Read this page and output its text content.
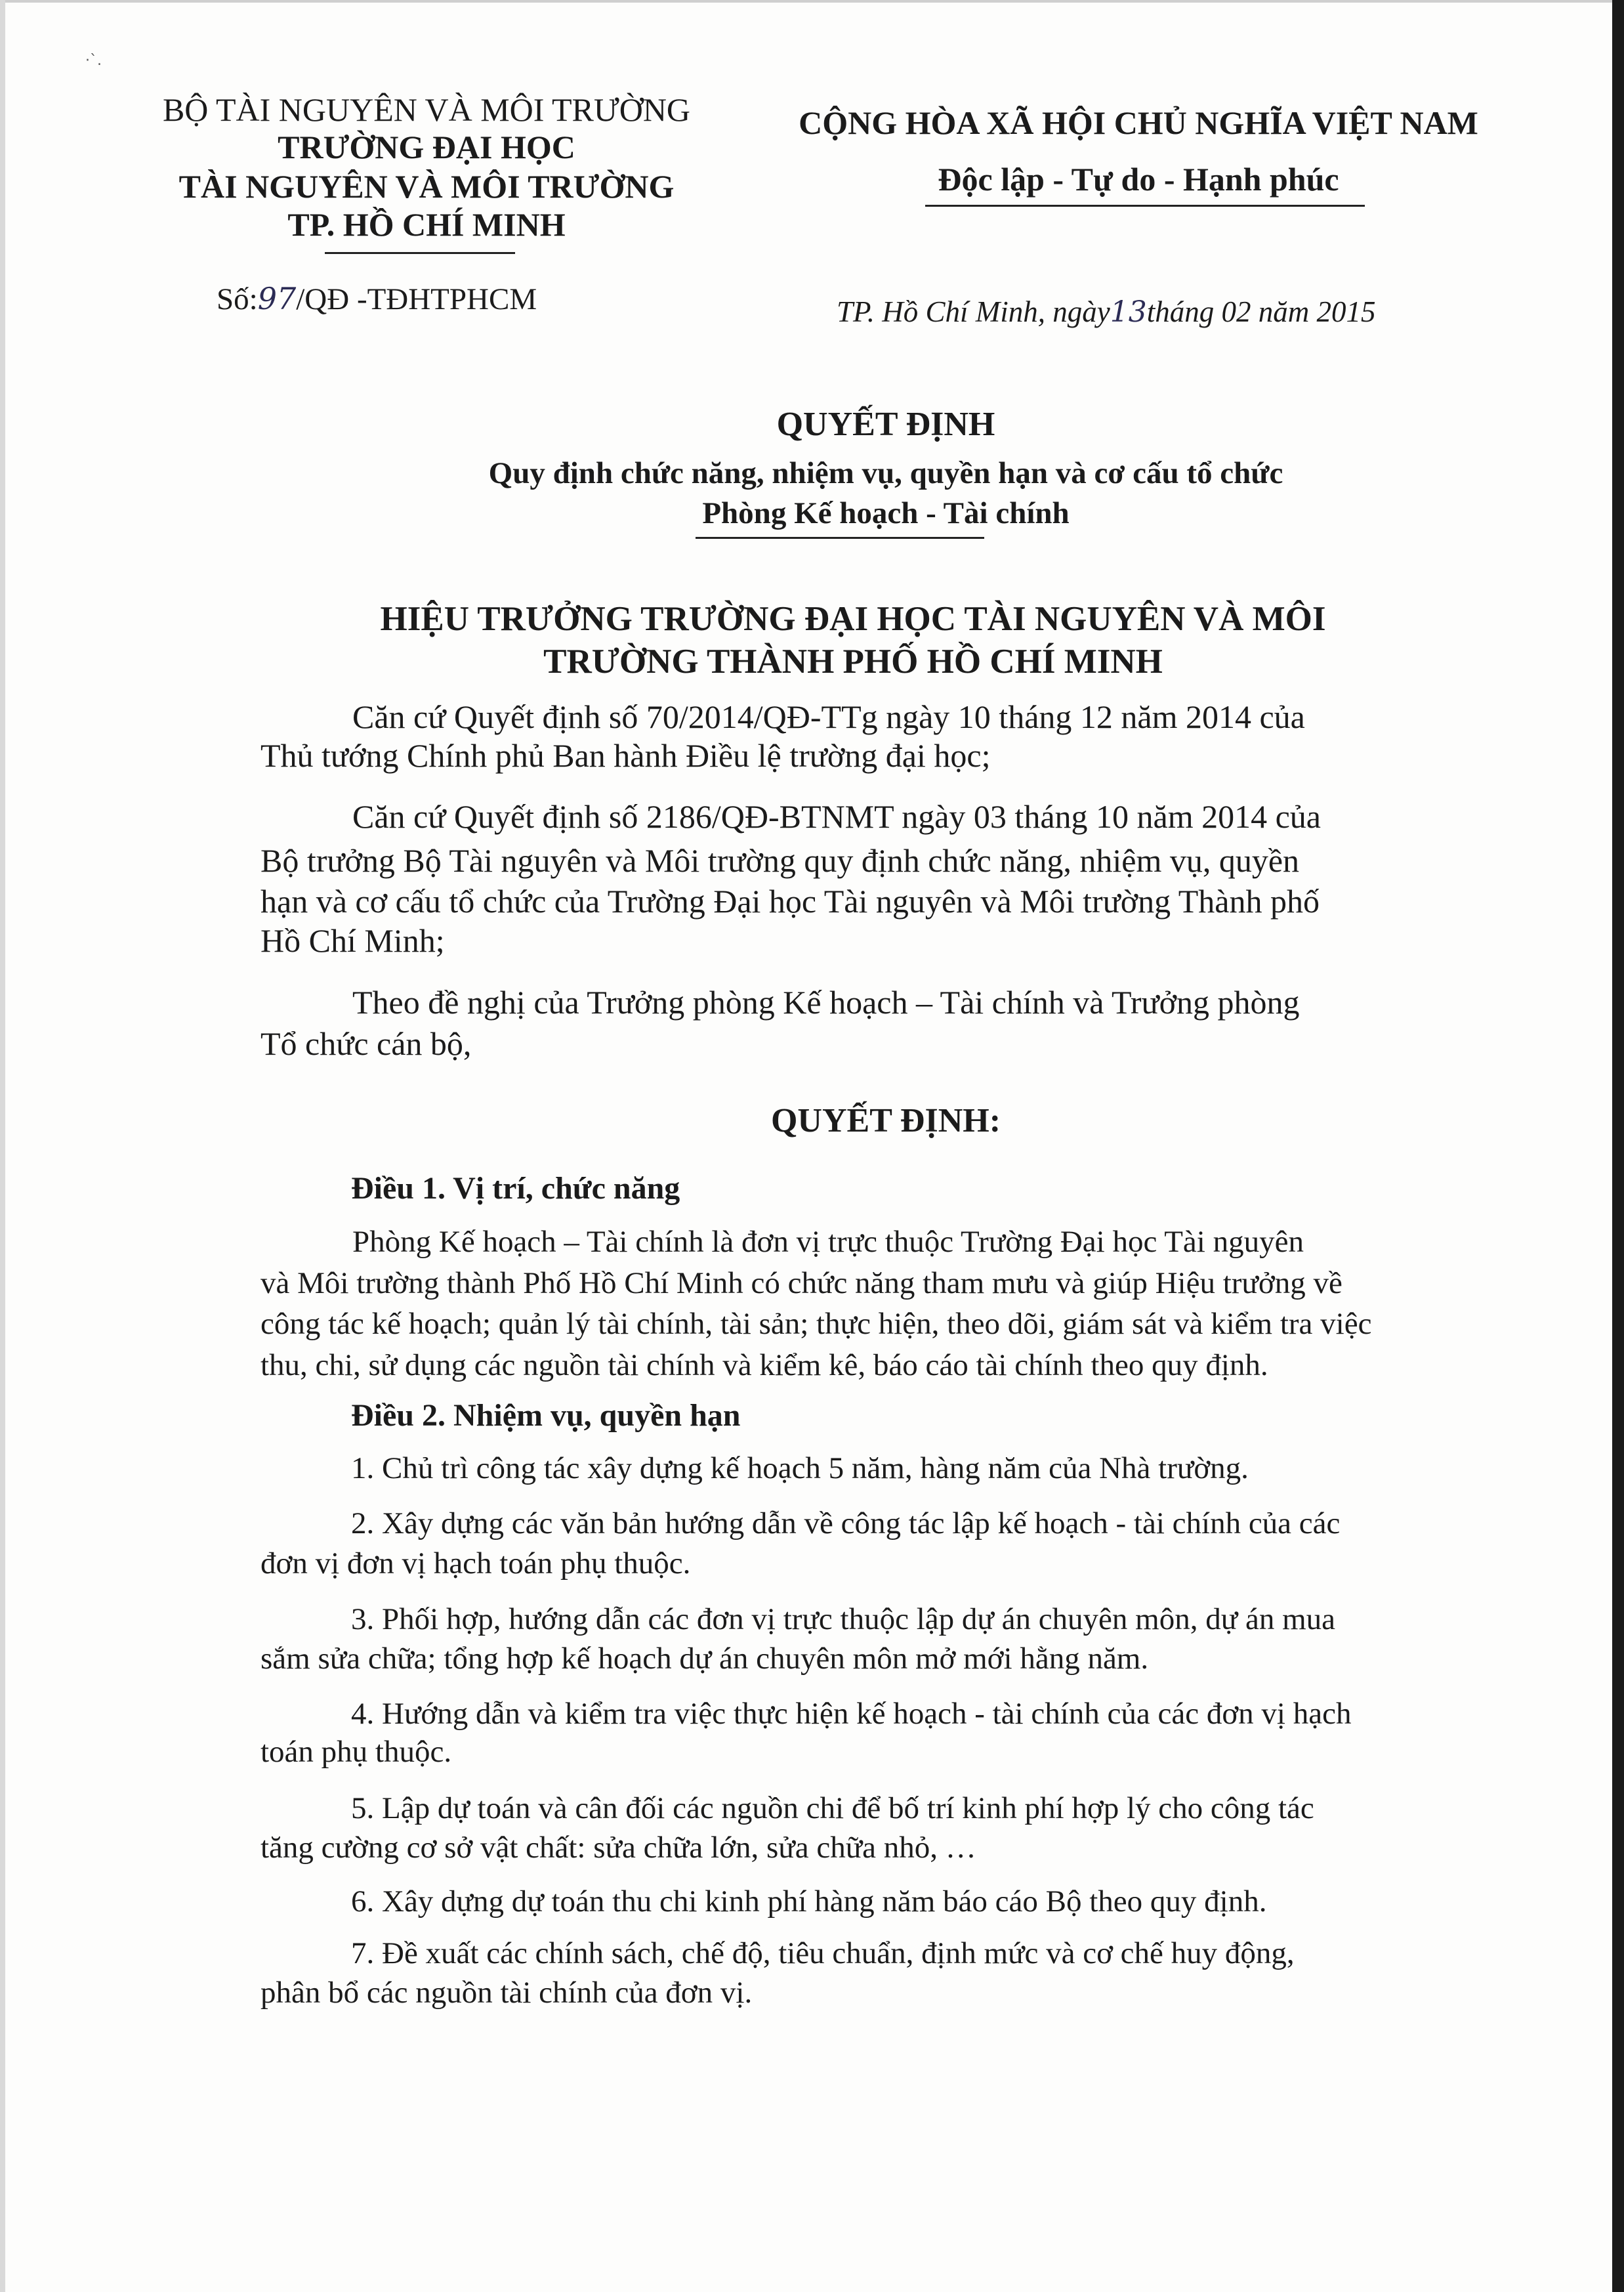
·ˋ.
BỘ TÀI NGUYÊN VÀ MÔI TRƯỜNG
TRƯỜNG ĐẠI HỌC
TÀI NGUYÊN VÀ MÔI TRƯỜNG
TP. HỒ CHÍ MINH
Số:97/QĐ -TĐHTPHCM
CỘNG HÒA XÃ HỘI CHỦ NGHĨA VIỆT NAM
Độc lập - Tự do - Hạnh phúc
TP. Hồ Chí Minh, ngày13tháng 02 năm 2015
QUYẾT ĐỊNH
Quy định chức năng, nhiệm vụ, quyền hạn và cơ cấu tổ chức
Phòng Kế hoạch - Tài chính
HIỆU TRƯỞNG TRƯỜNG ĐẠI HỌC TÀI NGUYÊN VÀ MÔI
TRƯỜNG THÀNH PHỐ HỒ CHÍ MINH
Căn cứ Quyết định số 70/2014/QĐ-TTg ngày 10 tháng 12 năm 2014 của
Thủ tướng Chính phủ Ban hành Điều lệ trường đại học;
Căn cứ Quyết định số 2186/QĐ-BTNMT ngày 03 tháng 10 năm 2014 của
Bộ trưởng Bộ Tài nguyên và Môi trường quy định chức năng, nhiệm vụ, quyền
hạn và cơ cấu tổ chức của Trường Đại học Tài nguyên và Môi trường Thành phố
Hồ Chí Minh;
Theo đề nghị của Trưởng phòng Kế hoạch – Tài chính và Trưởng phòng
Tổ chức cán bộ,
QUYẾT ĐỊNH:
Điều 1. Vị trí, chức năng
Phòng Kế hoạch – Tài chính là đơn vị trực thuộc Trường Đại học Tài nguyên
và Môi trường thành Phố Hồ Chí Minh có chức năng tham mưu và giúp Hiệu trưởng về
công tác kế hoạch; quản lý tài chính, tài sản; thực hiện, theo dõi, giám sát và kiểm tra việc
thu, chi, sử dụng các nguồn tài chính và kiểm kê, báo cáo tài chính theo quy định.
Điều 2. Nhiệm vụ, quyền hạn
1. Chủ trì công tác xây dựng kế hoạch 5 năm, hàng năm của Nhà trường.
2. Xây dựng các văn bản hướng dẫn về công tác lập kế hoạch - tài chính của các
đơn vị đơn vị hạch toán phụ thuộc.
3. Phối hợp, hướng dẫn các đơn vị trực thuộc lập dự án chuyên môn, dự án mua
sắm sửa chữa; tổng hợp kế hoạch dự án chuyên môn mở mới hằng năm.
4. Hướng dẫn và kiểm tra việc thực hiện kế hoạch - tài chính của các đơn vị hạch
toán phụ thuộc.
5. Lập dự toán và cân đối các nguồn chi để bố trí kinh phí hợp lý cho công tác
tăng cường cơ sở vật chất: sửa chữa lớn, sửa chữa nhỏ, …
6. Xây dựng dự toán thu chi kinh phí hàng năm báo cáo Bộ theo quy định.
7. Đề xuất các chính sách, chế độ, tiêu chuẩn, định mức và cơ chế huy động,
phân bổ các nguồn tài chính của đơn vị.
